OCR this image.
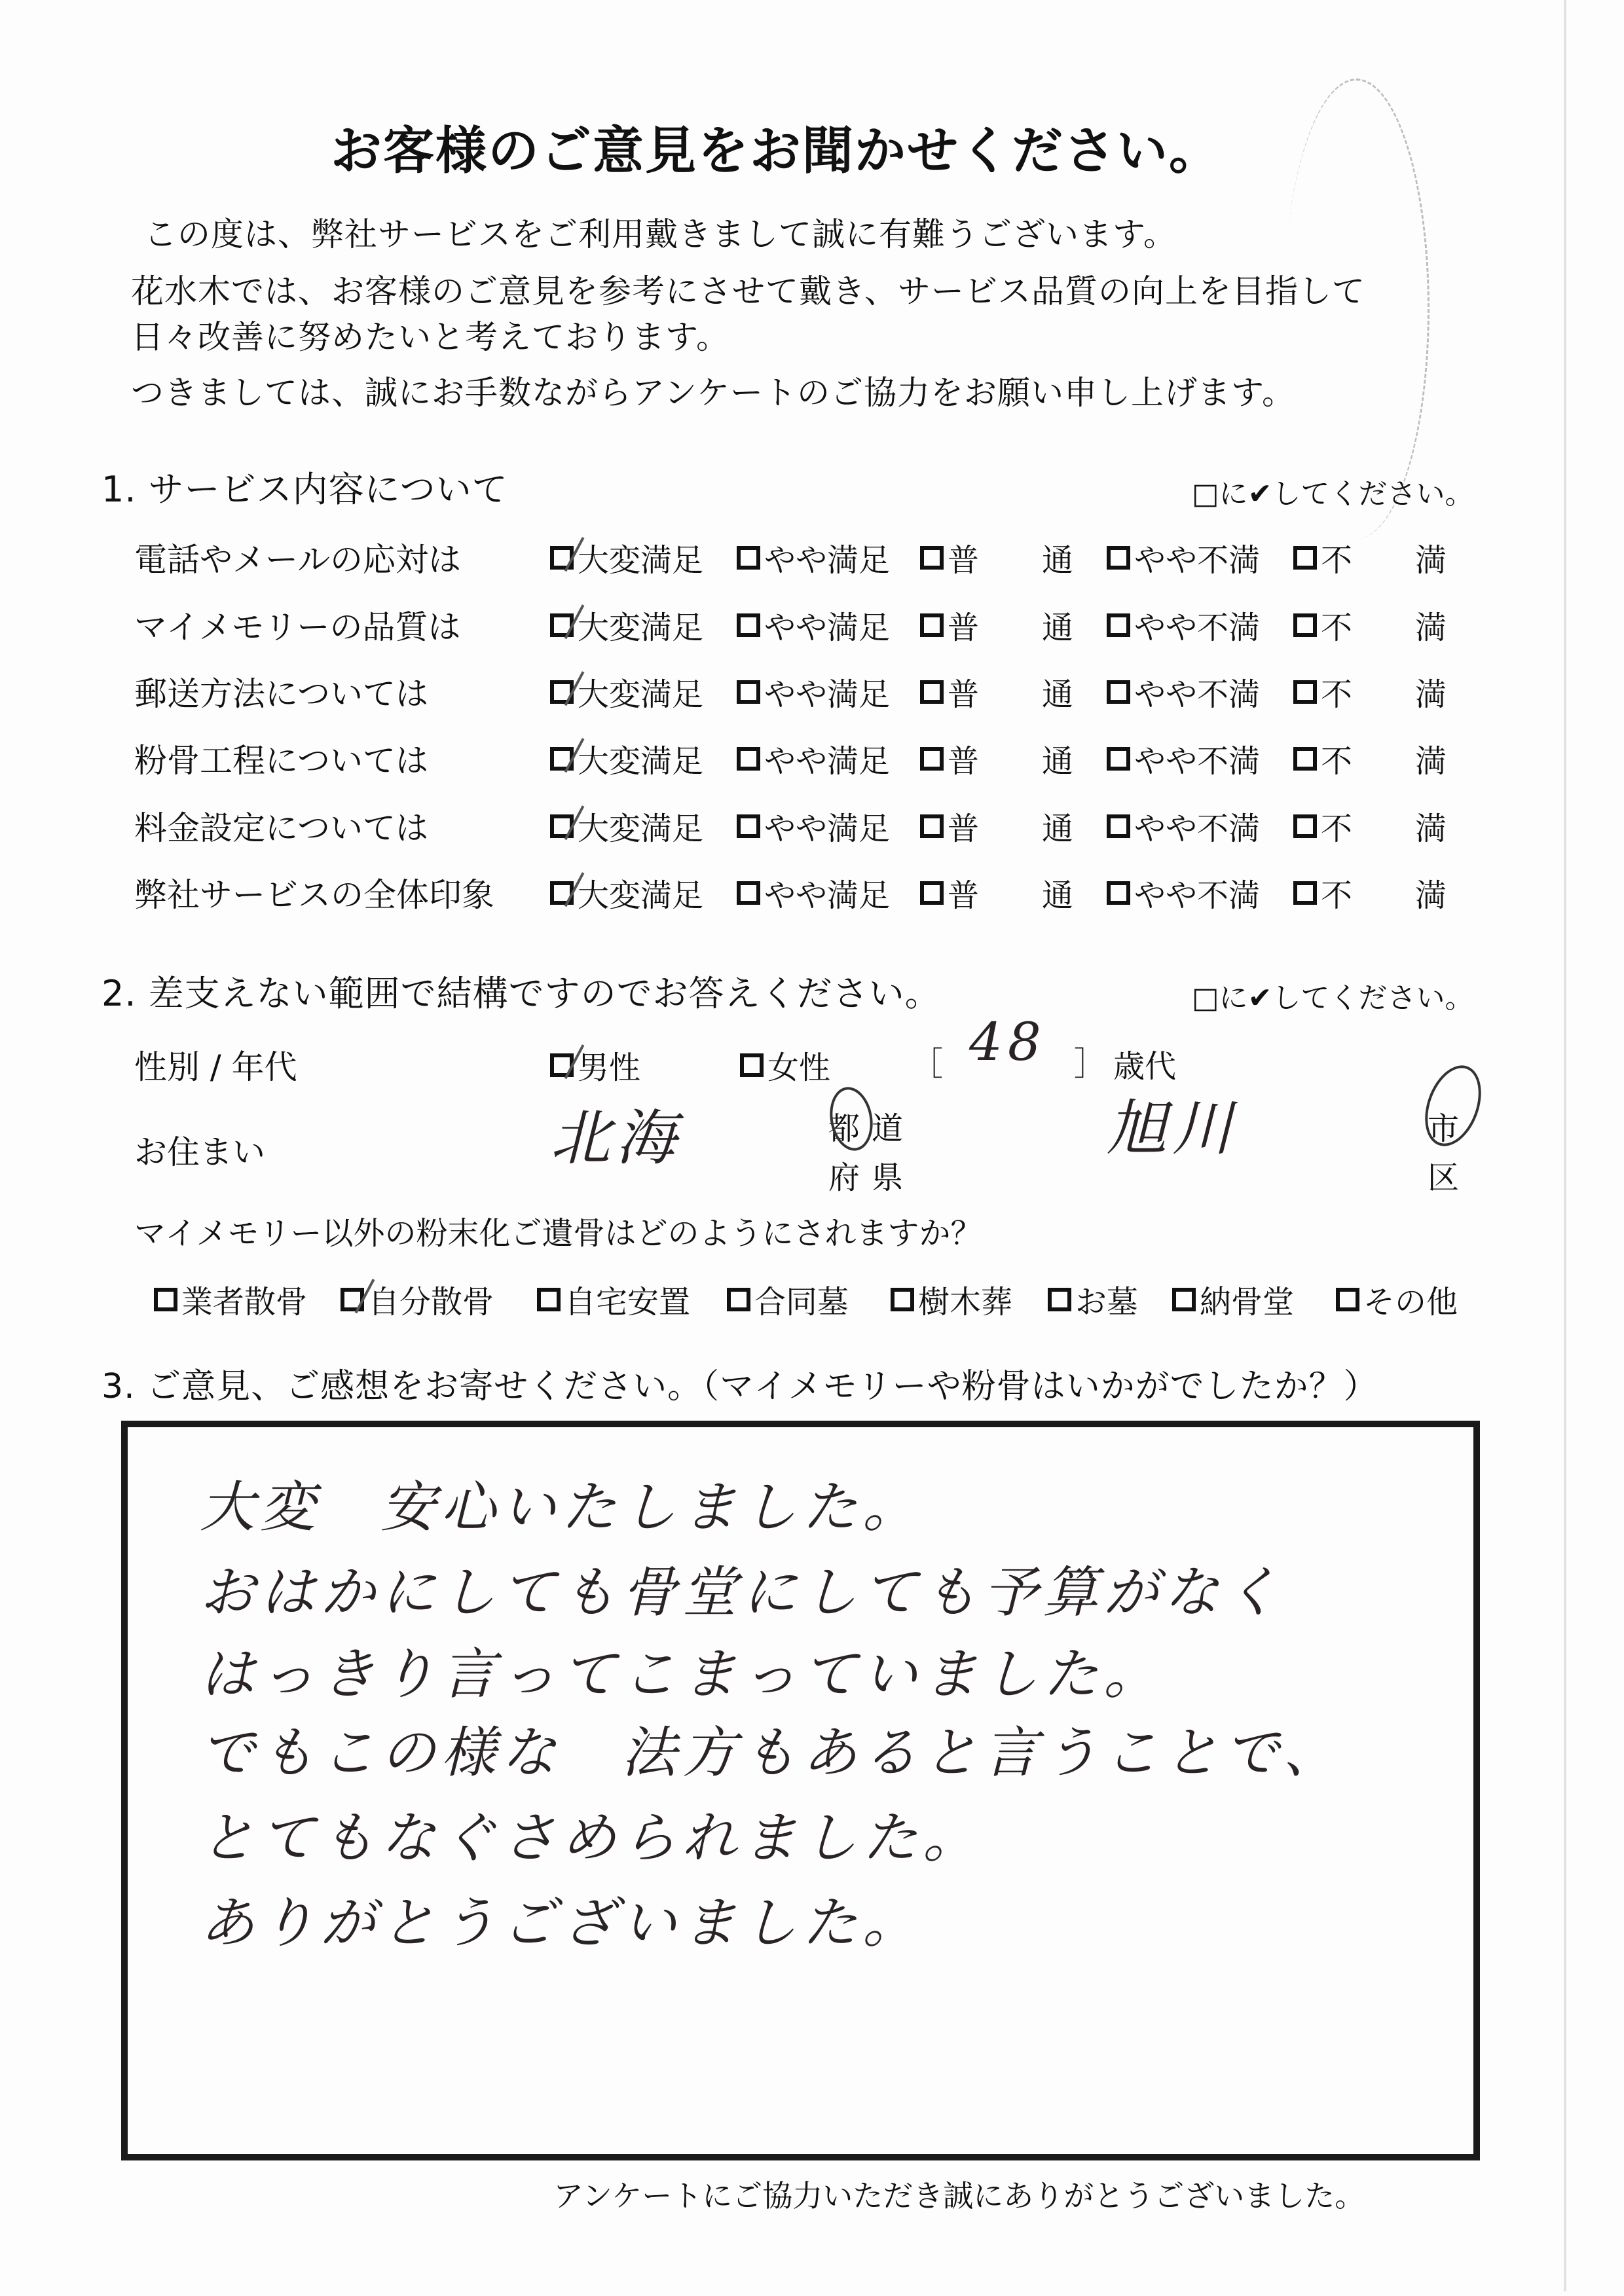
お客様のご意見をお聞かせください。
この度は、弊社サービスをご利用戴きまして誠に有難うございます。
花水木では、お客様のご意見を参考にさせて戴き、サービス品質の向上を目指して
日々改善に努めたいと考えております。
つきましては、誠にお手数ながらアンケートのご協力をお願い申し上げます。
1. サービス内容について	□に✔してください。
電話やメールの応対は	大変満足 やや満足 普　　通	やや不満 不　　満
マイメモリーの品質は	大変満足 やや満足 普　　通	やや不満 不　　満
郵送方法については	大変満足 やや満足 普　　通	やや不満 不　　満
粉骨工程については	大変満足 やや満足 普　　通	やや不満 不　　満
料金設定については	大変満足 やや満足 普　　通	やや不満 不　　満
弊社サービスの全体印象	大変満足 やや満足 普　　通	やや不満 不　　満
2. 差支えない範囲で結構ですのでお答えください。	□に✔してください。
性別 / 年代	男性	女性 ［ 48 ］ 歳代
お住まい	北海	都道
府県
旭川	市
区
マイメモリー以外の粉末化ご遺骨はどのようにされますか？
業者散骨 自分散骨 自宅安置 合同墓 樹木葬 お墓 納骨堂 その他
3. ご意見、ご感想をお寄せください。（マイメモリーや粉骨はいかがでしたか？）
大変　安心いたしました。
おはかにしても骨堂にしても予算がなく
はっきり言ってこまっていました。
でもこの様な　法方もあると言うことで、
とてもなぐさめられました。
ありがとうございました。
アンケートにご協力いただき誠にありがとうございました。
